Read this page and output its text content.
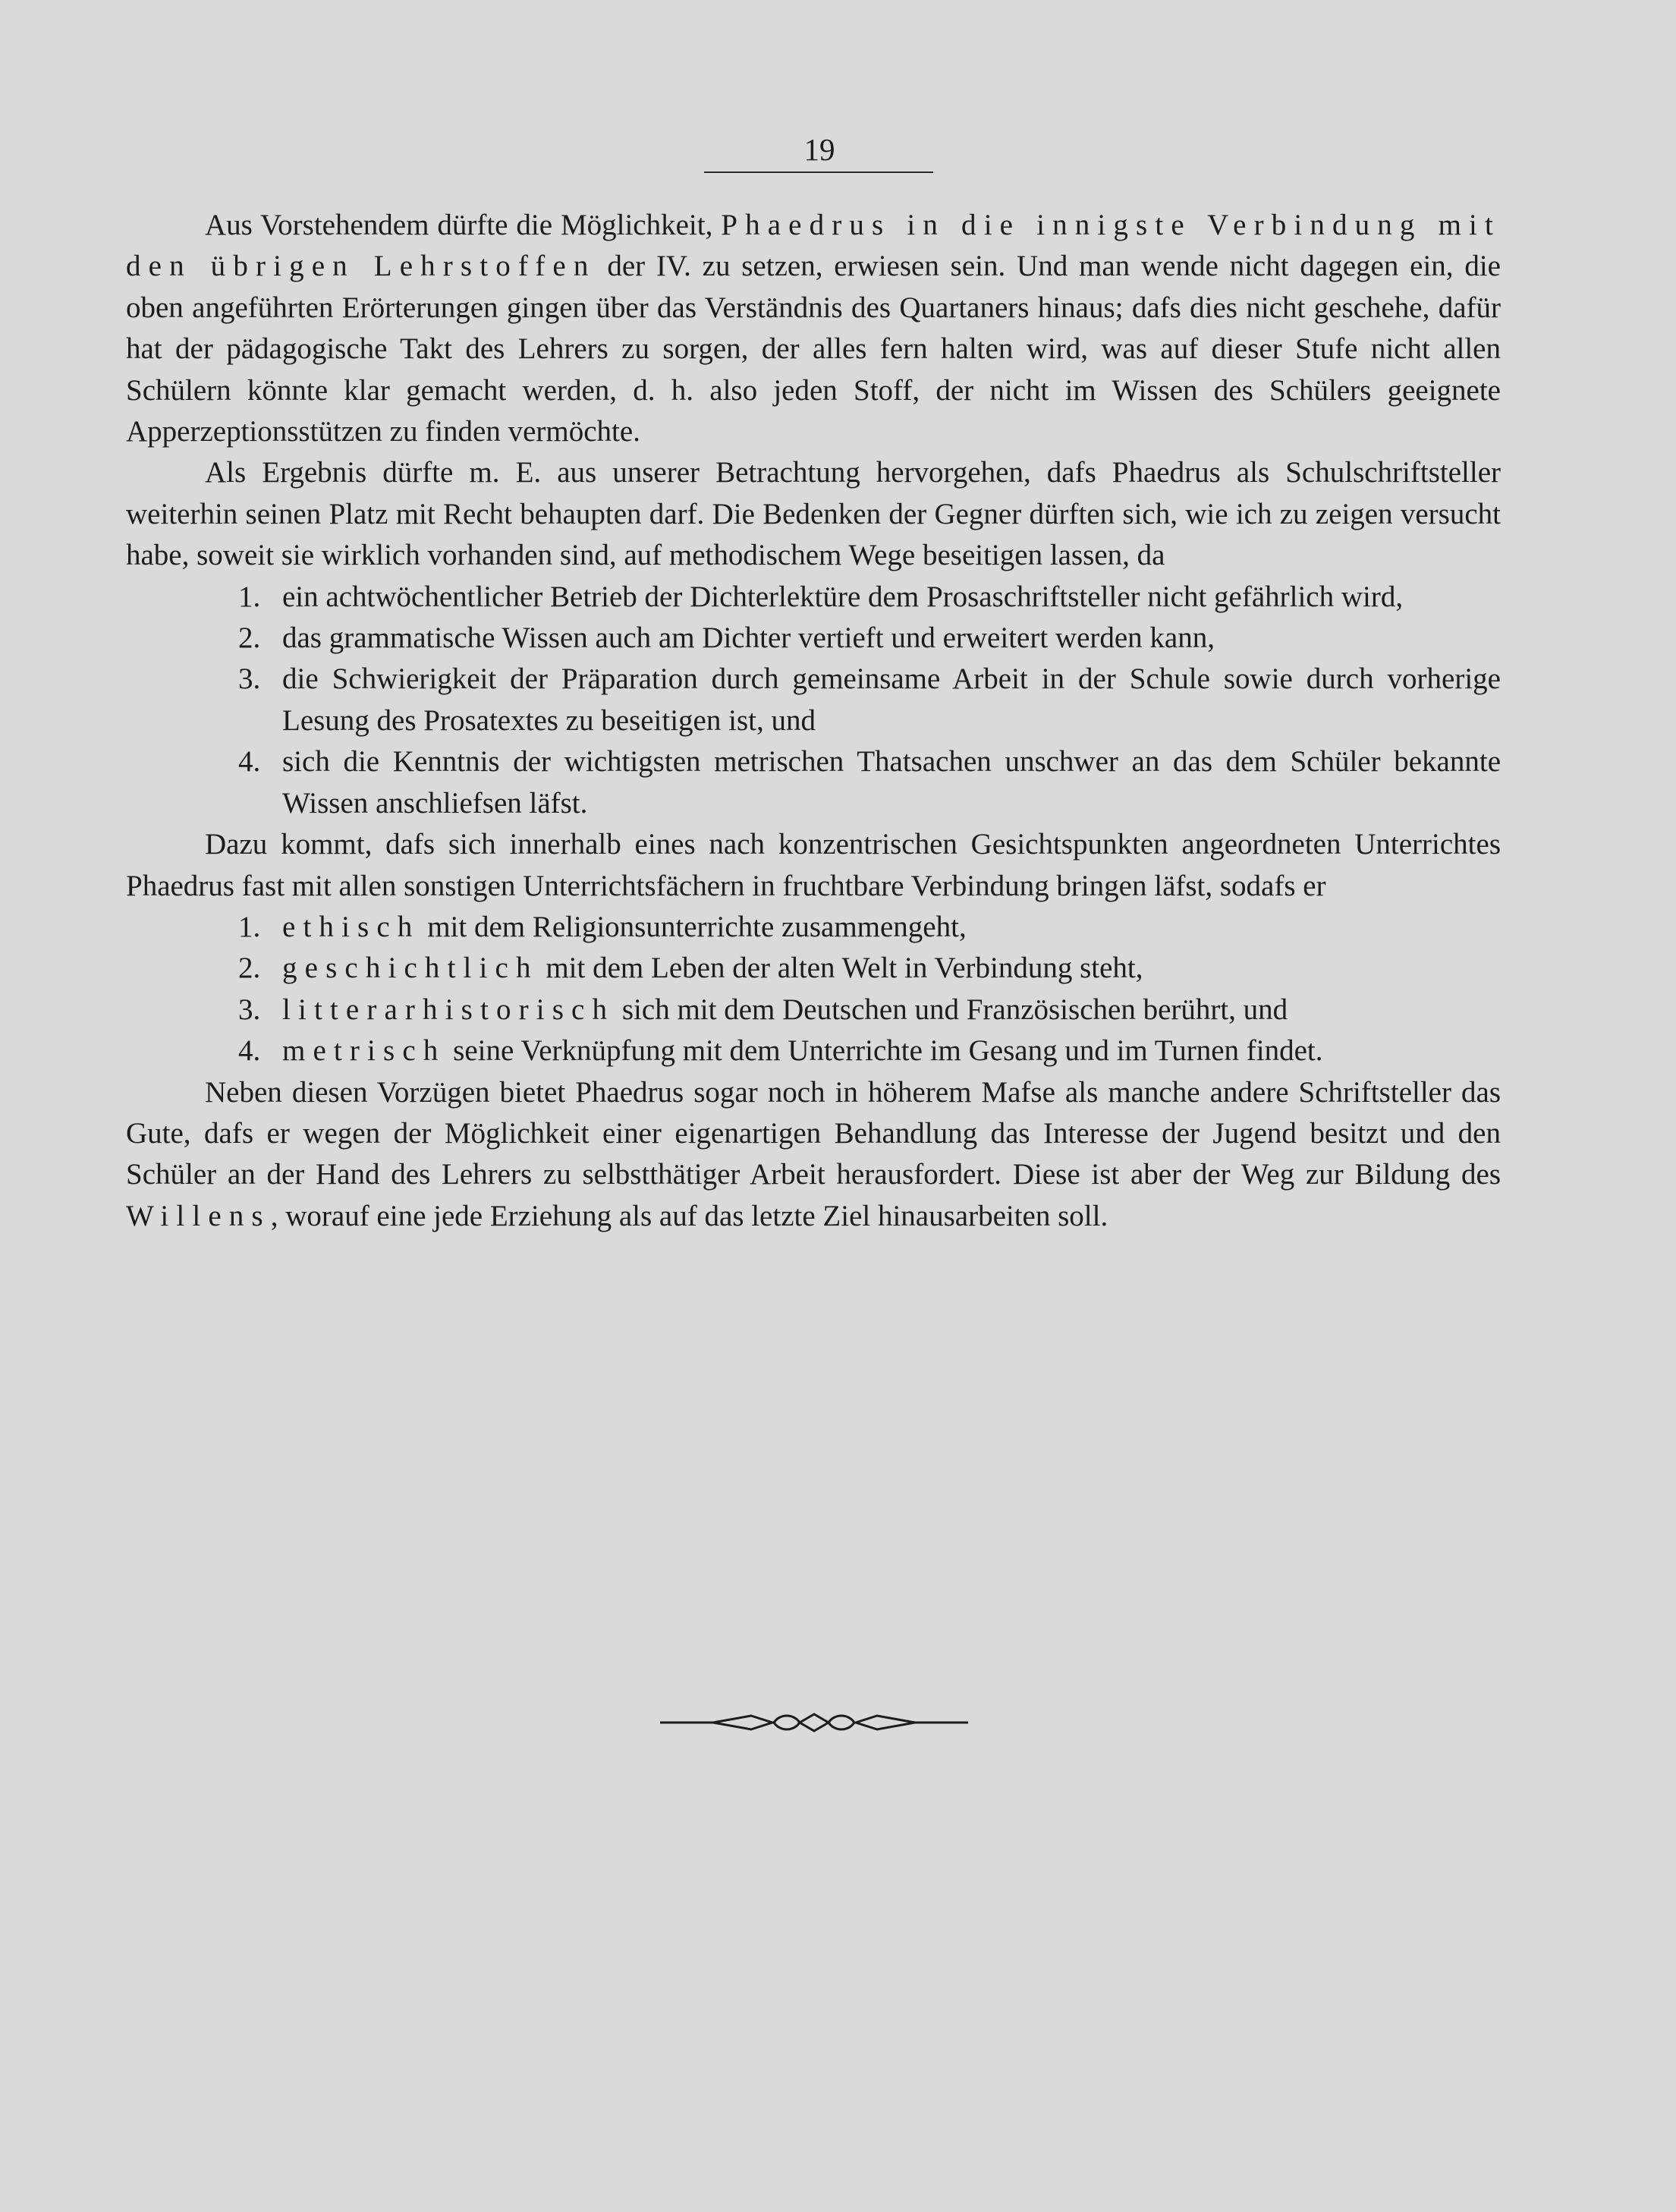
19

Aus Vorstehendem dürfte die Möglichkeit, Phaedrus in die innigste Verbindung mit den übrigen Lehrstoffen der IV. zu setzen, erwiesen sein. Und man wende nicht dagegen ein, die oben angeführten Erörterungen gingen über das Verständnis des Quartaners hinaus; dafs dies nicht geschehe, dafür hat der pädagogische Takt des Lehrers zu sorgen, der alles fern halten wird, was auf dieser Stufe nicht allen Schülern könnte klar gemacht werden, d. h. also jeden Stoff, der nicht im Wissen des Schülers geeignete Apperzeptionsstützen zu finden vermöchte.

Als Ergebnis dürfte m. E. aus unserer Betrachtung hervorgehen, dafs Phaedrus als Schulschriftsteller weiterhin seinen Platz mit Recht behaupten darf. Die Bedenken der Gegner dürften sich, wie ich zu zeigen versucht habe, soweit sie wirklich vorhanden sind, auf methodischem Wege beseitigen lassen, da

1. ein achtwöchentlicher Betrieb der Dichterlektüre dem Prosaschriftsteller nicht gefährlich wird,
2. das grammatische Wissen auch am Dichter vertieft und erweitert werden kann,
3. die Schwierigkeit der Präparation durch gemeinsame Arbeit in der Schule sowie durch vorherige Lesung des Prosatextes zu beseitigen ist, und
4. sich die Kenntnis der wichtigsten metrischen Thatsachen unschwer an das dem Schüler bekannte Wissen anschliefsen läfst.

Dazu kommt, dafs sich innerhalb eines nach konzentrischen Gesichtspunkten angeordneten Unterrichtes Phaedrus fast mit allen sonstigen Unterrichtsfächern in fruchtbare Verbindung bringen läfst, sodafs er

1. ethisch mit dem Religionsunterrichte zusammengeht,
2. geschichtlich mit dem Leben der alten Welt in Verbindung steht,
3. litterarhistorisch sich mit dem Deutschen und Französischen berührt, und
4. metrisch seine Verknüpfung mit dem Unterrichte im Gesang und im Turnen findet.

Neben diesen Vorzügen bietet Phaedrus sogar noch in höherem Mafse als manche andere Schriftsteller das Gute, dafs er wegen der Möglichkeit einer eigenartigen Behandlung das Interesse der Jugend besitzt und den Schüler an der Hand des Lehrers zu selbstthätiger Arbeit herausfordert. Diese ist aber der Weg zur Bildung des Willens, worauf eine jede Erziehung als auf das letzte Ziel hinausarbeiten soll.
